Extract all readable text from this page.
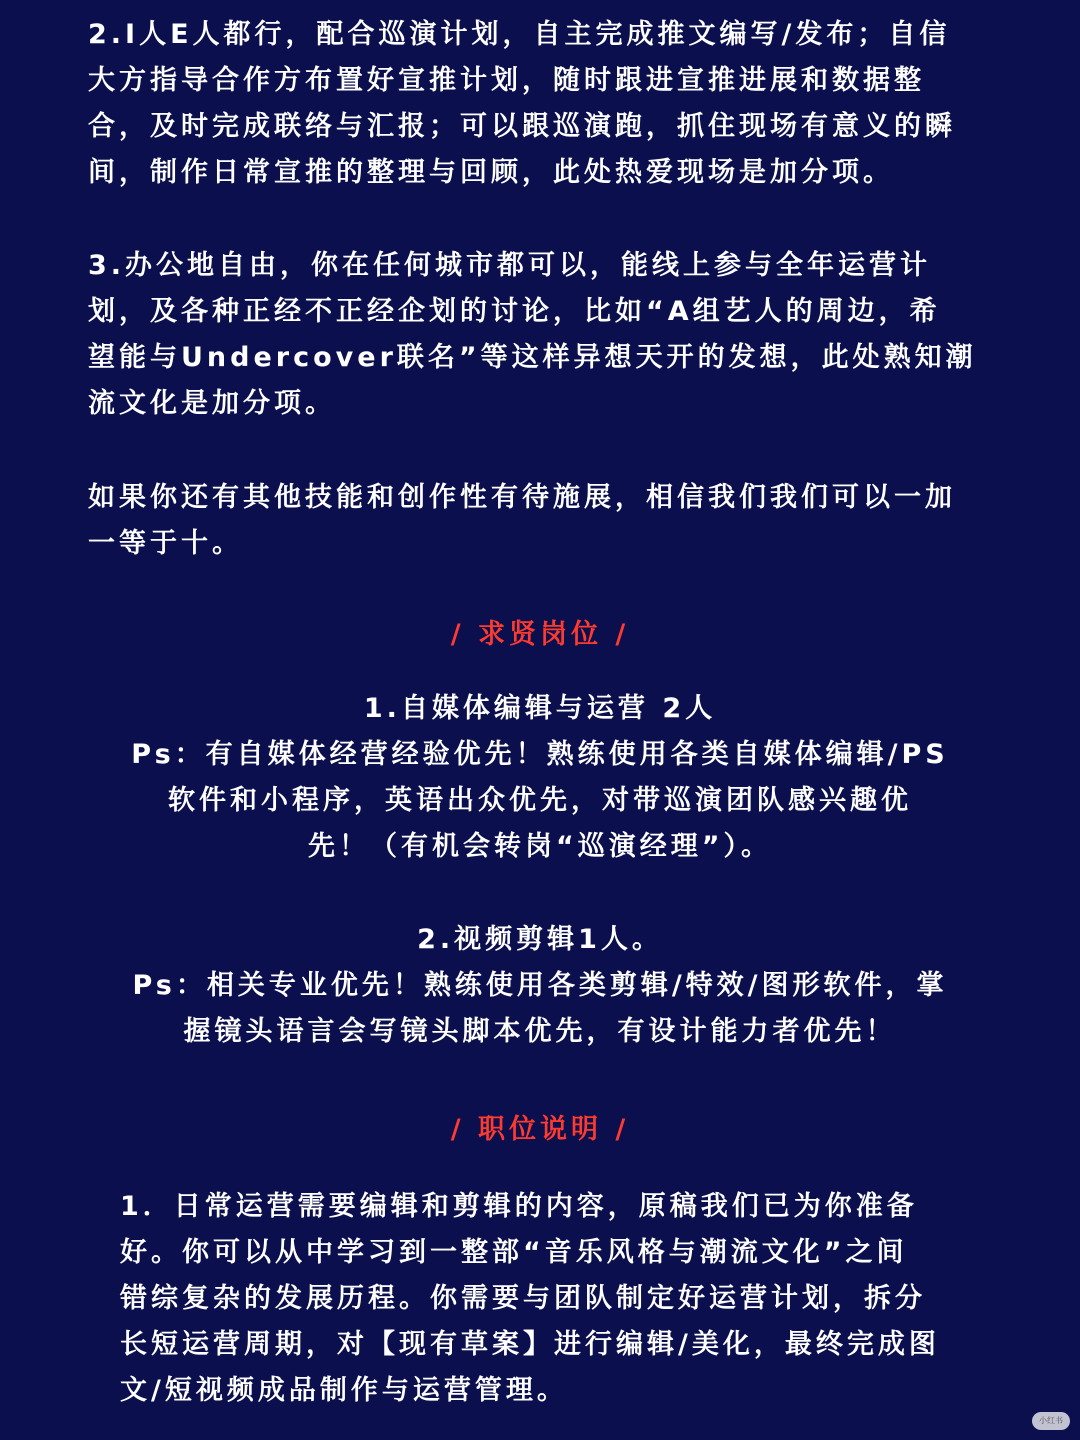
2.I人E人都行，配合巡演计划，自主完成推文编写/发布；自信
大方指导合作方布置好宣推计划，随时跟进宣推进展和数据整
合，及时完成联络与汇报；可以跟巡演跑，抓住现场有意义的瞬
间，制作日常宣推的整理与回顾，此处热爱现场是加分项。
3.办公地自由，你在任何城市都可以，能线上参与全年运营计
划，及各种正经不正经企划的讨论，比如“A组艺人的周边，希
望能与Undercover联名”等这样异想天开的发想，此处熟知潮
流文化是加分项。
如果你还有其他技能和创作性有待施展，相信我们我们可以一加
一等于十。
/ 求贤岗位 /
1.自媒体编辑与运营 2人
Ps：有自媒体经营经验优先！熟练使用各类自媒体编辑/PS
软件和小程序，英语出众优先，对带巡演团队感兴趣优
先！（有机会转岗“巡演经理”）。
2.视频剪辑1人。
Ps：相关专业优先！熟练使用各类剪辑/特效/图形软件，掌
握镜头语言会写镜头脚本优先，有设计能力者优先！
/ 职位说明 /
1．日常运营需要编辑和剪辑的内容，原稿我们已为你准备
好。你可以从中学习到一整部“音乐风格与潮流文化”之间
错综复杂的发展历程。你需要与团队制定好运营计划，拆分
长短运营周期，对【现有草案】进行编辑/美化，最终完成图
文/短视频成品制作与运营管理。
小红书
